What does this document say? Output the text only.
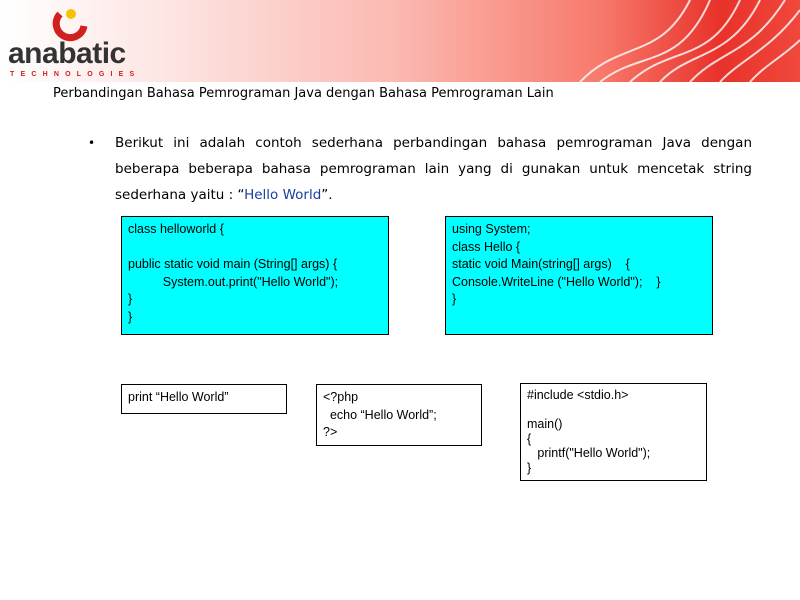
anabatic
TECHNOLOGIES
Perbandingan Bahasa Pemrograman Java dengan Bahasa Pemrograman Lain
• Berikut ini adalah contoh sederhana perbandingan bahasa pemrograman Java dengan beberapa beberapa bahasa pemrograman lain yang di gunakan untuk mencetak string sederhana yaitu : “Hello World”.
class helloworld {

public static void main (String[] args) {
System.out.print("Hello World");
}
}
using System;
class Hello {
static void Main(string[] args)    {
Console.WriteLine ("Hello World");    }
}
print “Hello World”	<?php
echo “Hello World”;
?>
#include <stdio.h>

main()
{
printf("Hello World");
}
